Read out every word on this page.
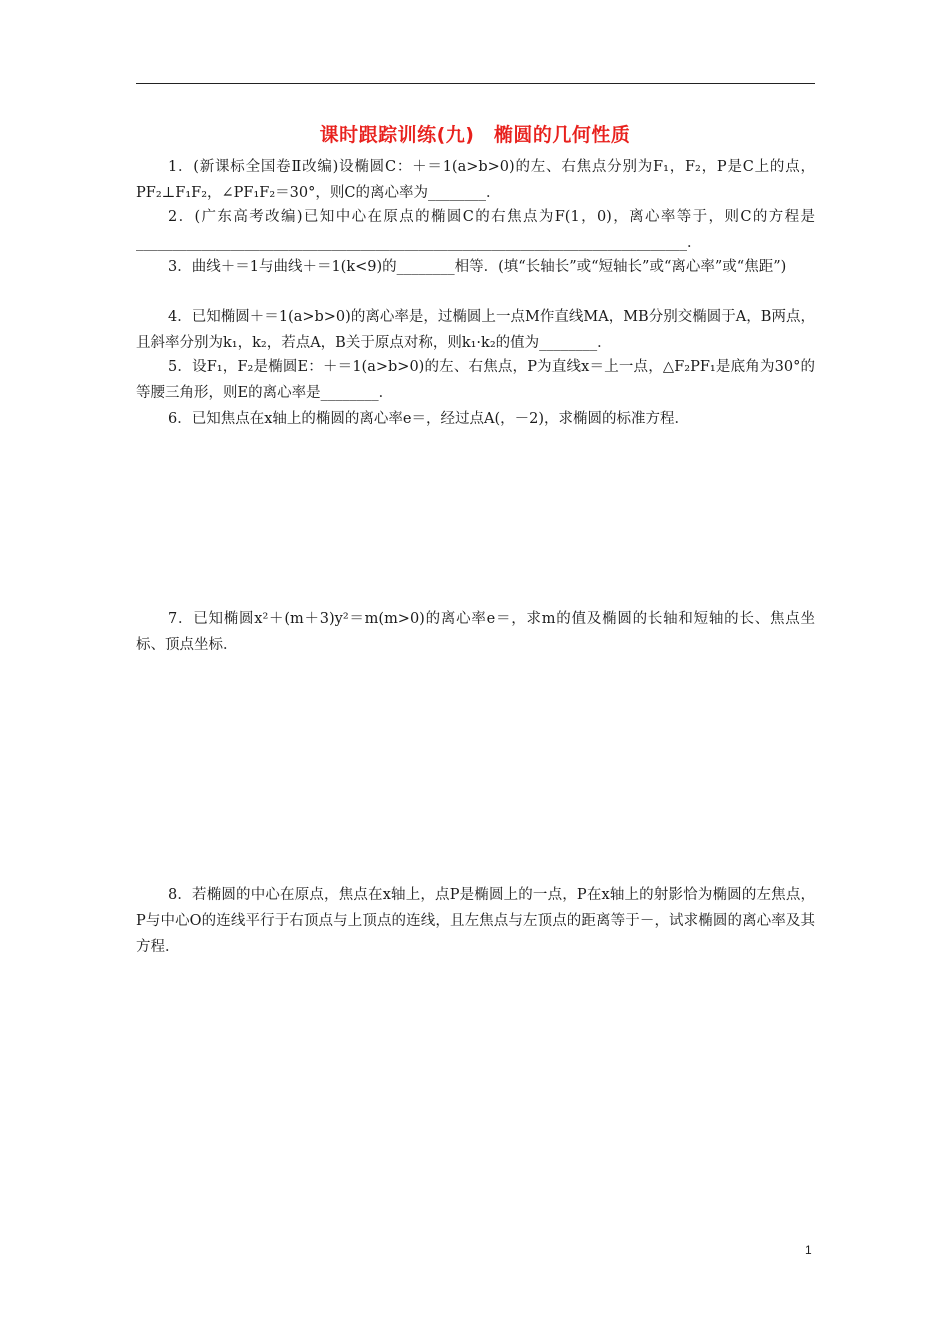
课时跟踪训练(九)　椭圆的几何性质

1．(新课标全国卷Ⅱ改编)设椭圆C：＋＝1(a>b>0)的左、右焦点分别为F₁，F₂，P是C上的点，PF₂⊥F₁F₂，∠PF₁F₂＝30°，则C的离心率为________．

2．(广东高考改编)已知中心在原点的椭圆C的右焦点为F(1，0)，离心率等于，则C的方程是____________________________________________________________________________．

3．曲线＋＝1与曲线＋＝1(k<9)的________相等．(填“长轴长”或“短轴长”或“离心率”或“焦距”)

4．已知椭圆＋＝1(a>b>0)的离心率是，过椭圆上一点M作直线MA，MB分别交椭圆于A，B两点，且斜率分别为k₁，k₂，若点A，B关于原点对称，则k₁·k₂的值为________．

5．设F₁，F₂是椭圆E：＋＝1(a>b>0)的左、右焦点，P为直线x＝上一点，△F₂PF₁是底角为30°的等腰三角形，则E的离心率是________．

6．已知焦点在x轴上的椭圆的离心率e＝，经过点A(，－2)，求椭圆的标准方程．

7．已知椭圆x²＋(m＋3)y²＝m(m>0)的离心率e＝，求m的值及椭圆的长轴和短轴的长、焦点坐标、顶点坐标．

8．若椭圆的中心在原点，焦点在x轴上，点P是椭圆上的一点，P在x轴上的射影恰为椭圆的左焦点，P与中心O的连线平行于右顶点与上顶点的连线，且左焦点与左顶点的距离等于－，试求椭圆的离心率及其方程．

1
